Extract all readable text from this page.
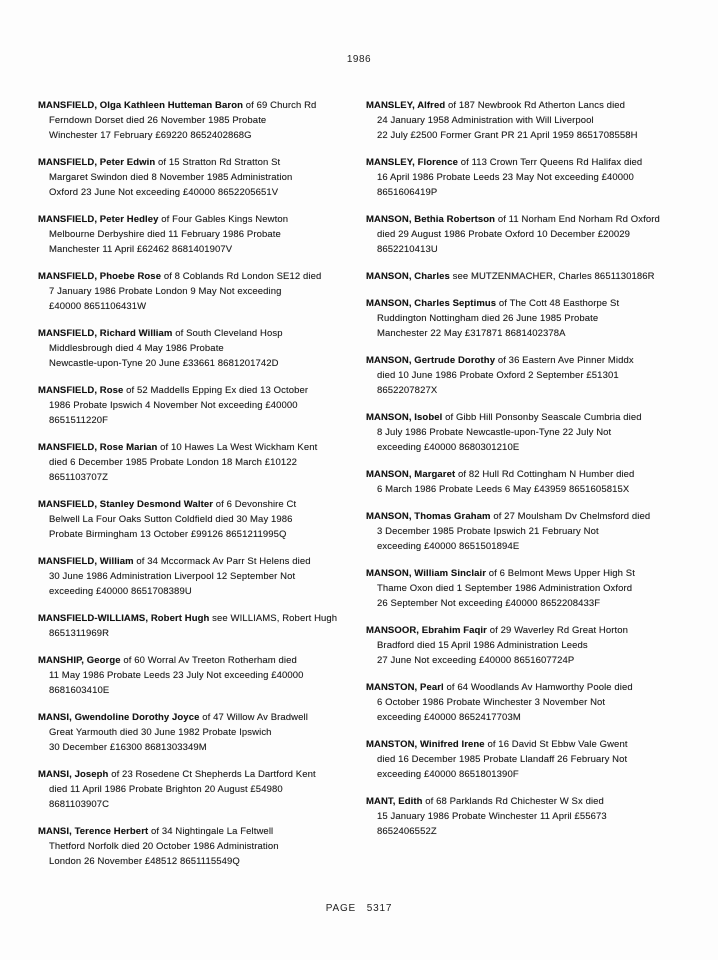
1986
MANSFIELD, Olga Kathleen Hutteman Baron of 69 Church Rd
Ferndown Dorset died 26 November 1985 Probate
Winchester 17 February £69220 8652402868G
MANSFIELD, Peter Edwin of 15 Stratton Rd Stratton St
Margaret Swindon died 8 November 1985 Administration
Oxford 23 June Not exceeding £40000 8652205651V
MANSFIELD, Peter Hedley of Four Gables Kings Newton
Melbourne Derbyshire died 11 February 1986 Probate
Manchester 11 April £62462 8681401907V
MANSFIELD, Phoebe Rose of 8 Coblands Rd London SE12 died
7 January 1986 Probate London 9 May Not exceeding
£40000 8651106431W
MANSFIELD, Richard William of South Cleveland Hosp
Middlesbrough died 4 May 1986 Probate
Newcastle-upon-Tyne 20 June £33661 8681201742D
MANSFIELD, Rose of 52 Maddells Epping Ex died 13 October
1986 Probate Ipswich 4 November Not exceeding £40000
8651511220F
MANSFIELD, Rose Marian of 10 Hawes La West Wickham Kent
died 6 December 1985 Probate London 18 March £10122
8651103707Z
MANSFIELD, Stanley Desmond Walter of 6 Devonshire Ct
Belwell La Four Oaks Sutton Coldfield died 30 May 1986
Probate Birmingham 13 October £99126 8651211995Q
MANSFIELD, William of 34 Mccormack Av Parr St Helens died
30 June 1986 Administration Liverpool 12 September Not
exceeding £40000 8651708389U
MANSFIELD-WILLIAMS, Robert Hugh see WILLIAMS, Robert Hugh
8651311969R
MANSHIP, George of 60 Worral Av Treeton Rotherham died
11 May 1986 Probate Leeds 23 July Not exceeding £40000
8681603410E
MANSI, Gwendoline Dorothy Joyce of 47 Willow Av Bradwell
Great Yarmouth died 30 June 1982 Probate Ipswich
30 December £16300 8681303349M
MANSI, Joseph of 23 Rosedene Ct Shepherds La Dartford Kent
died 11 April 1986 Probate Brighton 20 August £54980
8681103907C
MANSI, Terence Herbert of 34 Nightingale La Feltwell
Thetford Norfolk died 20 October 1986 Administration
London 26 November £48512 8651115549Q
MANSLEY, Alfred of 187 Newbrook Rd Atherton Lancs died
24 January 1958 Administration with Will Liverpool
22 July £2500 Former Grant PR 21 April 1959 8651708558H
MANSLEY, Florence of 113 Crown Terr Queens Rd Halifax died
16 April 1986 Probate Leeds 23 May Not exceeding £40000
8651606419P
MANSON, Bethia Robertson of 11 Norham End Norham Rd Oxford
died 29 August 1986 Probate Oxford 10 December £20029
8652210413U
MANSON, Charles see MUTZENMACHER, Charles 8651130186R
MANSON, Charles Septimus of The Cott 48 Easthorpe St
Ruddington Nottingham died 26 June 1985 Probate
Manchester 22 May £317871 8681402378A
MANSON, Gertrude Dorothy of 36 Eastern Ave Pinner Middx
died 10 June 1986 Probate Oxford 2 September £51301
8652207827X
MANSON, Isobel of Gibb Hill Ponsonby Seascale Cumbria died
8 July 1986 Probate Newcastle-upon-Tyne 22 July Not
exceeding £40000 8680301210E
MANSON, Margaret of 82 Hull Rd Cottingham N Humber died
6 March 1986 Probate Leeds 6 May £43959 8651605815X
MANSON, Thomas Graham of 27 Moulsham Dv Chelmsford died
3 December 1985 Probate Ipswich 21 February Not
exceeding £40000 8651501894E
MANSON, William Sinclair of 6 Belmont Mews Upper High St
Thame Oxon died 1 September 1986 Administration Oxford
26 September Not exceeding £40000 8652208433F
MANSOOR, Ebrahim Faqir of 29 Waverley Rd Great Horton
Bradford died 15 April 1986 Administration Leeds
27 June Not exceeding £40000 8651607724P
MANSTON, Pearl of 64 Woodlands Av Hamworthy Poole died
6 October 1986 Probate Winchester 3 November Not
exceeding £40000 8652417703M
MANSTON, Winifred Irene of 16 David St Ebbw Vale Gwent
died 16 December 1985 Probate Llandaff 26 February Not
exceeding £40000 8651801390F
MANT, Edith of 68 Parklands Rd Chichester W Sx died
15 January 1986 Probate Winchester 11 April £55673
8652406552Z
PAGE   5317
